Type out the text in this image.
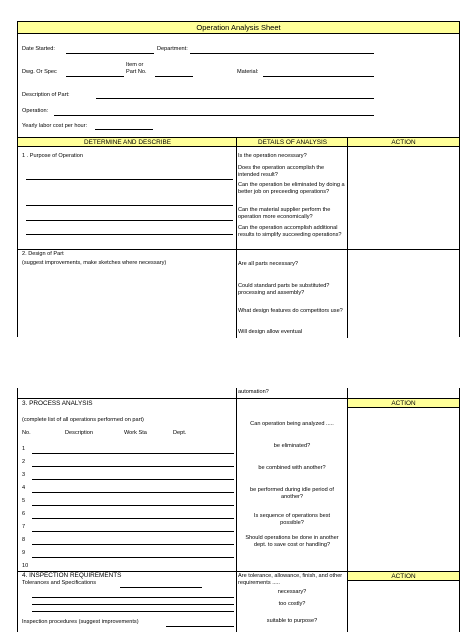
Operation Analysis Sheet
Date Started:	Department:
Item or
Dwg. Or Spec	Part No.	Material:
Description of Part:
Operation:
Yearly labor cost per hour:
DETERMINE AND DESCRIBE	DETAILS OF ANALYSIS	ACTION
1 . Purpose of Operation	Is the operation necessary?
Does the operation accomplish the intended result?
Can the operation be eliminated by doing a better job on preceeding operations?
Can the material supplier perform the operation more economically?
Can the operation accomplish additional results to simplify succeeding operations?
2. Design of Part
(suggest improvements, make sketches where necessary)	Are all parts necessary?
Could standard parts be substituted? processing and assembly?
What design features do competitors use?
Will design allow eventual
automation?
ACTION
3. PROCESS ANALYSIS
(complete list of all operations performed on part)
No.	Description	Work Sta	Dept.
1
2
3
4
5
6
7
8
9
10
Can operation being analyzed .....
be eliminated?
be combined with another?
be performed during idle period of another?
Is sequence of operations best possible?
Should operations be done in another dept. to save cost or handling?
ACTION
4. INSPECTION REQUIREMENTS
Tolerances and Specifications
Inspection procedures (suggest improvements)
Are tolerance, allowance, finish, and other requirements .....
necessary?
too costly?
suitable to purpose?
